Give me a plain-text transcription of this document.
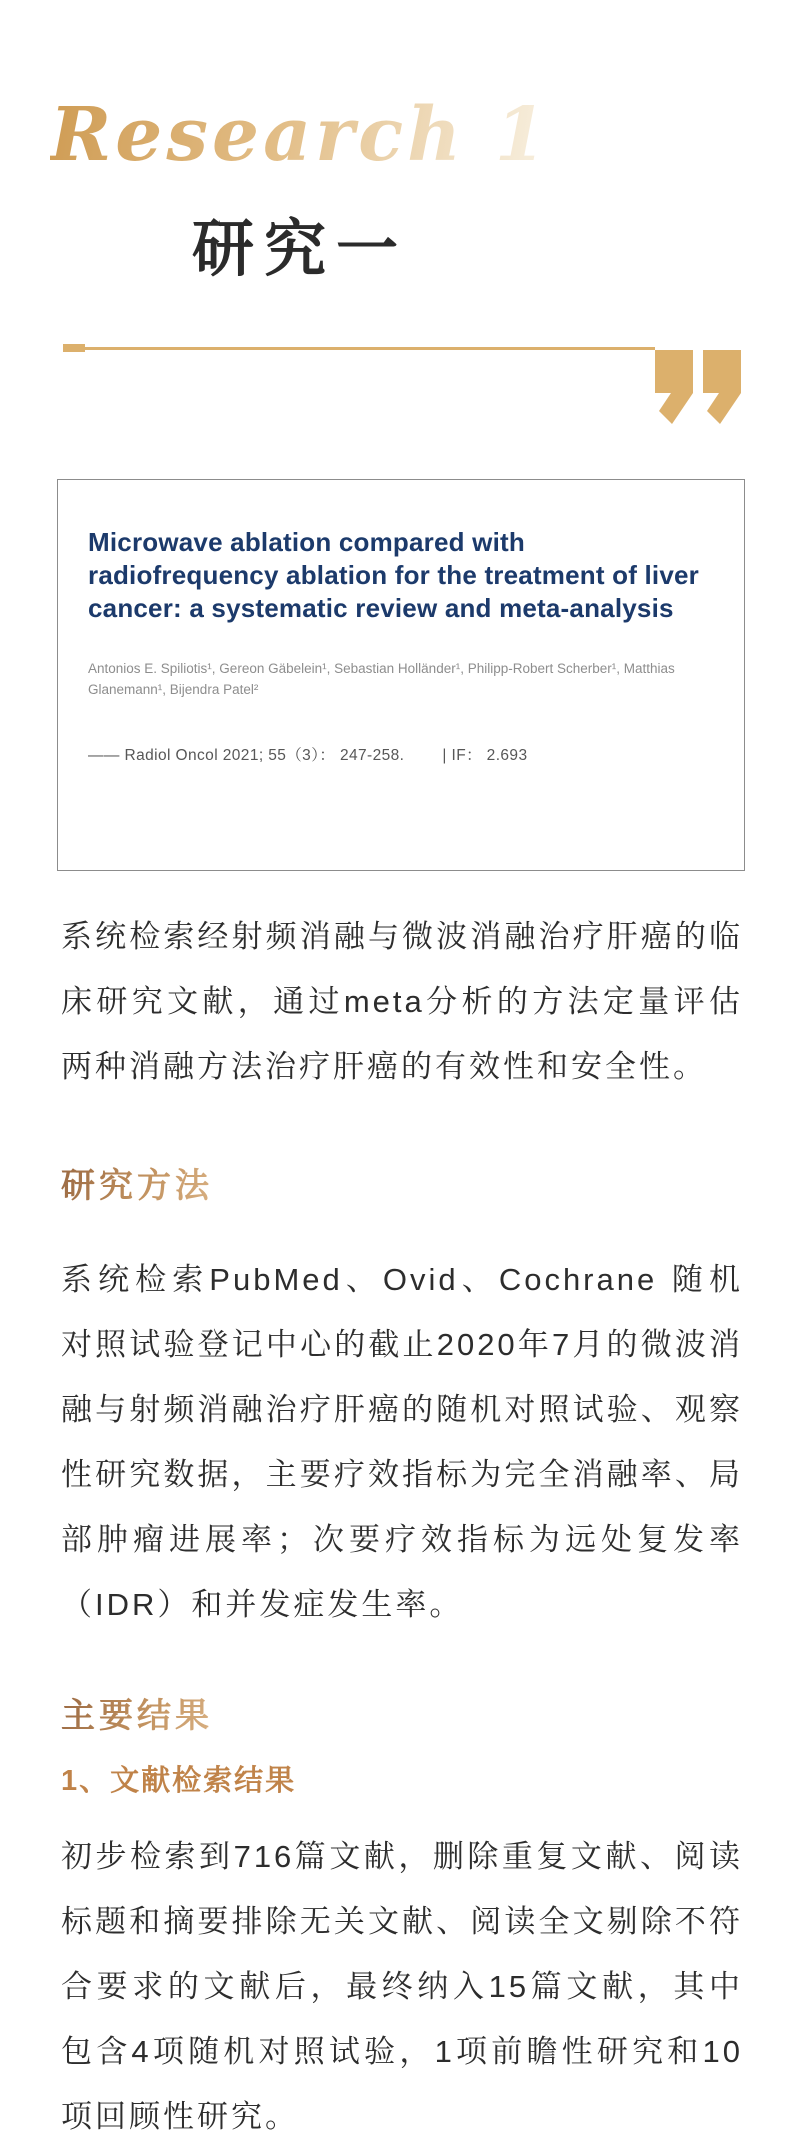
Research 1
研究一
Microwave ablation compared with radiofrequency ablation for the treatment of liver cancer: a systematic review and meta-analysis
Antonios E. Spiliotis¹, Gereon Gäbelein¹, Sebastian Holländer¹, Philipp-Robert Scherber¹, Matthias Glanemann¹, Bijendra Patel²
—— Radiol Oncol 2021; 55（3）： 247-258. | IF： 2.693
系统检索经射频消融与微波消融治疗肝癌的临床研究文献，通过meta分析的方法定量评估两种消融方法治疗肝癌的有效性和安全性。
研究方法
系统检索PubMed、Ovid、Cochrane 随机对照试验登记中心的截止2020年7月的微波消融与射频消融治疗肝癌的随机对照试验、观察性研究数据，主要疗效指标为完全消融率、局部肿瘤进展率；次要疗效指标为远处复发率（IDR）和并发症发生率。
主要结果
1、文献检索结果
初步检索到716篇文献，删除重复文献、阅读标题和摘要排除无关文献、阅读全文剔除不符合要求的文献后，最终纳入15篇文献，其中包含4项随机对照试验，1项前瞻性研究和10项回顾性研究。
